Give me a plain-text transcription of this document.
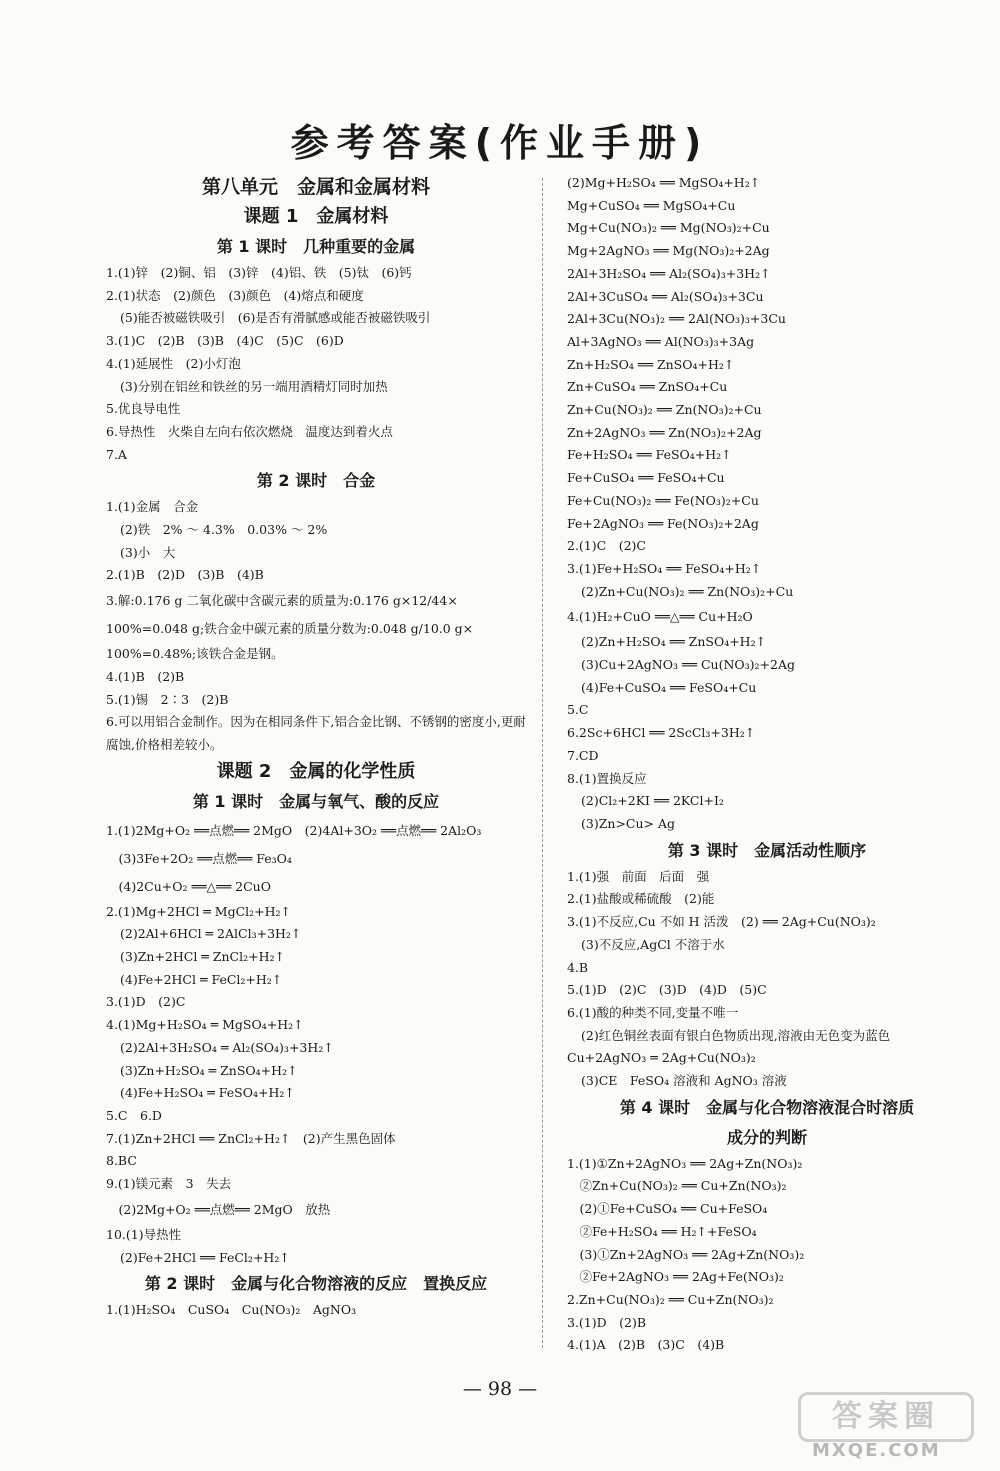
参考答案(作业手册)
第八单元　金属和金属材料
课题 1　金属材料
第 1 课时　几种重要的金属
1.(1)锌　(2)铜、铝　(3)锌　(4)铝、铁　(5)钛　(6)钙
2.(1)状态　(2)颜色　(3)颜色　(4)熔点和硬度
(5)能否被磁铁吸引　(6)是否有滑腻感或能否被磁铁吸引
3.(1)C　(2)B　(3)B　(4)C　(5)C　(6)D
4.(1)延展性　(2)小灯泡
(3)分别在铝丝和铁丝的另一端用酒精灯同时加热
5.优良导电性
6.导热性　火柴自左向右依次燃烧　温度达到着火点
7.A
第 2 课时　合金
1.(1)金属　合金
(2)铁　2% ～ 4.3%　0.03% ～ 2%
(3)小　大
2.(1)B　(2)D　(3)B　(4)B
3.解:0.176 g 二氧化碳中含碳元素的质量为:0.176 g×12/44×
100%=0.048 g;铁合金中碳元素的质量分数为:0.048 g/10.0 g×
100%=0.48%;该铁合金是钢。
4.(1)B　(2)B
5.(1)锡　2∶3　(2)B
6.可以用铝合金制作。因为在相同条件下,铝合金比钢、不锈钢的密度小,更耐腐蚀,价格相差较小。
课题 2　金属的化学性质
第 1 课时　金属与氧气、酸的反应
1.(1)2Mg+O₂ ══点燃══ 2MgO　(2)4Al+3O₂ ══点燃══ 2Al₂O₃
　(3)3Fe+2O₂ ══点燃══ Fe₃O₄
　(4)2Cu+O₂ ══△══ 2CuO
2.(1)Mg+2HCl ═ MgCl₂+H₂↑
(2)2Al+6HCl ═ 2AlCl₃+3H₂↑
(3)Zn+2HCl ═ ZnCl₂+H₂↑
(4)Fe+2HCl ═ FeCl₂+H₂↑
3.(1)D　(2)C
4.(1)Mg+H₂SO₄ ═ MgSO₄+H₂↑
(2)2Al+3H₂SO₄ ═ Al₂(SO₄)₃+3H₂↑
(3)Zn+H₂SO₄ ═ ZnSO₄+H₂↑
(4)Fe+H₂SO₄ ═ FeSO₄+H₂↑
5.C　6.D
7.(1)Zn+2HCl ══ ZnCl₂+H₂↑　(2)产生黑色固体
8.BC
9.(1)镁元素　3　失去
　(2)2Mg+O₂ ══点燃══ 2MgO　放热
10.(1)导热性
(2)Fe+2HCl ══ FeCl₂+H₂↑
第 2 课时　金属与化合物溶液的反应　置换反应
1.(1)H₂SO₄　CuSO₄　Cu(NO₃)₂　AgNO₃
(2)Mg+H₂SO₄ ══ MgSO₄+H₂↑
Mg+CuSO₄ ══ MgSO₄+Cu
Mg+Cu(NO₃)₂ ══ Mg(NO₃)₂+Cu
Mg+2AgNO₃ ══ Mg(NO₃)₂+2Ag
2Al+3H₂SO₄ ══ Al₂(SO₄)₃+3H₂↑
2Al+3CuSO₄ ══ Al₂(SO₄)₃+3Cu
2Al+3Cu(NO₃)₂ ══ 2Al(NO₃)₃+3Cu
Al+3AgNO₃ ══ Al(NO₃)₃+3Ag
Zn+H₂SO₄ ══ ZnSO₄+H₂↑
Zn+CuSO₄ ══ ZnSO₄+Cu
Zn+Cu(NO₃)₂ ══ Zn(NO₃)₂+Cu
Zn+2AgNO₃ ══ Zn(NO₃)₂+2Ag
Fe+H₂SO₄ ══ FeSO₄+H₂↑
Fe+CuSO₄ ══ FeSO₄+Cu
Fe+Cu(NO₃)₂ ══ Fe(NO₃)₂+Cu
Fe+2AgNO₃ ══ Fe(NO₃)₂+2Ag
2.(1)C　(2)C
3.(1)Fe+H₂SO₄ ══ FeSO₄+H₂↑
(2)Zn+Cu(NO₃)₂ ══ Zn(NO₃)₂+Cu
4.(1)H₂+CuO ══△══ Cu+H₂O
(2)Zn+H₂SO₄ ══ ZnSO₄+H₂↑
(3)Cu+2AgNO₃ ══ Cu(NO₃)₂+2Ag
(4)Fe+CuSO₄ ══ FeSO₄+Cu
5.C
6.2Sc+6HCl ══ 2ScCl₃+3H₂↑
7.CD
8.(1)置换反应
(2)Cl₂+2KI ══ 2KCl+I₂
(3)Zn>Cu> Ag
第 3 课时　金属活动性顺序
1.(1)强　前面　后面　强
2.(1)盐酸或稀硫酸　(2)能
3.(1)不反应,Cu 不如 H 活泼　(2) ══ 2Ag+Cu(NO₃)₂
(3)不反应,AgCl 不溶于水
4.B
5.(1)D　(2)C　(3)D　(4)D　(5)C
6.(1)酸的种类不同,变量不唯一
(2)红色铜丝表面有银白色物质出现,溶液由无色变为蓝色
Cu+2AgNO₃ ═ 2Ag+Cu(NO₃)₂
(3)CE　FeSO₄ 溶液和 AgNO₃ 溶液
第 4 课时　金属与化合物溶液混合时溶质
成分的判断
1.(1)①Zn+2AgNO₃ ══ 2Ag+Zn(NO₃)₂
　②Zn+Cu(NO₃)₂ ══ Cu+Zn(NO₃)₂
　(2)①Fe+CuSO₄ ══ Cu+FeSO₄
　②Fe+H₂SO₄ ══ H₂↑+FeSO₄
　(3)①Zn+2AgNO₃ ══ 2Ag+Zn(NO₃)₂
　②Fe+2AgNO₃ ══ 2Ag+Fe(NO₃)₂
2.Zn+Cu(NO₃)₂ ══ Cu+Zn(NO₃)₂
3.(1)D　(2)B
4.(1)A　(2)B　(3)C　(4)B
— 98 —
答案圈
MXQE.COM
